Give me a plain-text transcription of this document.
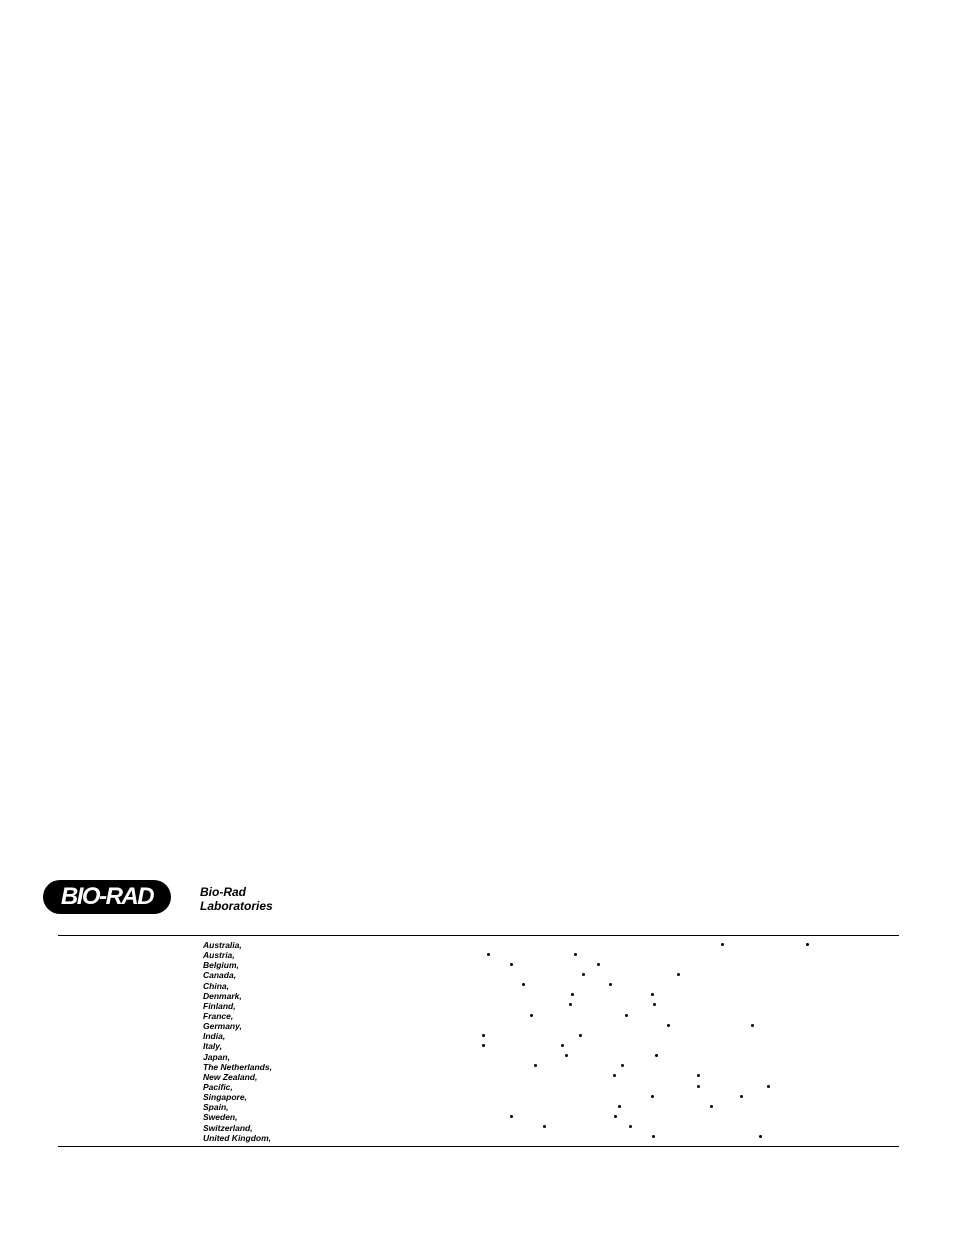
BIO-RAD	Bio-Rad
Laboratories
Australia,
Austria,
Belgium,
Canada,
China,
Denmark,
Finland,
France,
Germany,
India,
Italy,
Japan,
The Netherlands,
New Zealand,
Pacific,
Singapore,
Spain,
Sweden,
Switzerland,
United Kingdom,
